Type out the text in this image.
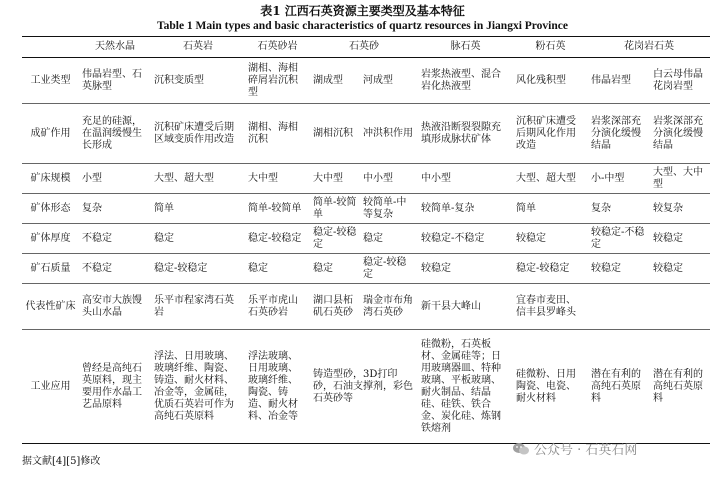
表1 江西石英资源主要类型及基本特征
Table 1 Main types and basic characteristics of quartz resources in Jiangxi Province
	天然水晶	石英岩	石英砂岩	石英砂		脉石英	粉石英	花岗岩石英	
工业类型	伟晶岩型、石英脉型	沉积变质型	湖相、海相碎屑岩沉积型	湖成型	河成型	岩浆热液型、混合岩化热液型	风化残积型	伟晶岩型	白云母伟晶花岗岩型
成矿作用	充足的硅源，在温润缓慢生长形成	沉积矿床遭受后期区域变质作用改造	湖相、海相沉积	湖相沉积	冲洪积作用	热液沿断裂裂隙充填形成脉状矿体	沉积矿床遭受后期风化作用改造	岩浆深部充分演化缓慢结晶	岩浆深部充分演化缓慢结晶
矿床规模	小型	大型、超大型	大中型	大中型	中小型	中小型	大型、超大型	小-中型	大型、大中型
矿体形态	复杂	简单	简单-较简单	简单-较简单	较简单-中等复杂	较简单-复杂	简单	复杂	较复杂
矿体厚度	不稳定	稳定	稳定-较稳定	稳定-较稳定	稳定	较稳定-不稳定	较稳定	较稳定-不稳定	较稳定
矿石质量	不稳定	稳定-较稳定	稳定	稳定	稳定-较稳定	较稳定	稳定-较稳定	较稳定	较稳定
代表性矿床	高安市大族馒头山水晶	乐平市程家湾石英岩	乐平市虎山石英砂岩	湖口县柘矶石英砂	瑞金市布角湾石英砂	新干县大峰山	宜春市麦田、信丰县罗峰头		
工业应用	曾经是高纯石英原料，现主要用作水晶工艺品原料	浮法、日用玻璃、玻璃纤维、陶瓷、铸造、耐火材料、冶金等，金属硅，优质石英岩可作为高纯石英原料	浮法玻璃、日用玻璃、玻璃纤维、陶瓷、铸造、耐火材料、冶金等	铸造型砂，3D打印砂，石油支撑剂，彩色石英砂等		硅微粉，石英板材、金属硅等；日用玻璃器皿、特种玻璃、平板玻璃、耐火制品、结晶硅、硅铁、铁合金、炭化硅、炼钢铁熔剂	硅微粉、日用陶瓷、电瓷、耐火材料	潜在有利的高纯石英原料	潜在有利的高纯石英原料
据文献[4][5]修改
公众号 · 石英石网
